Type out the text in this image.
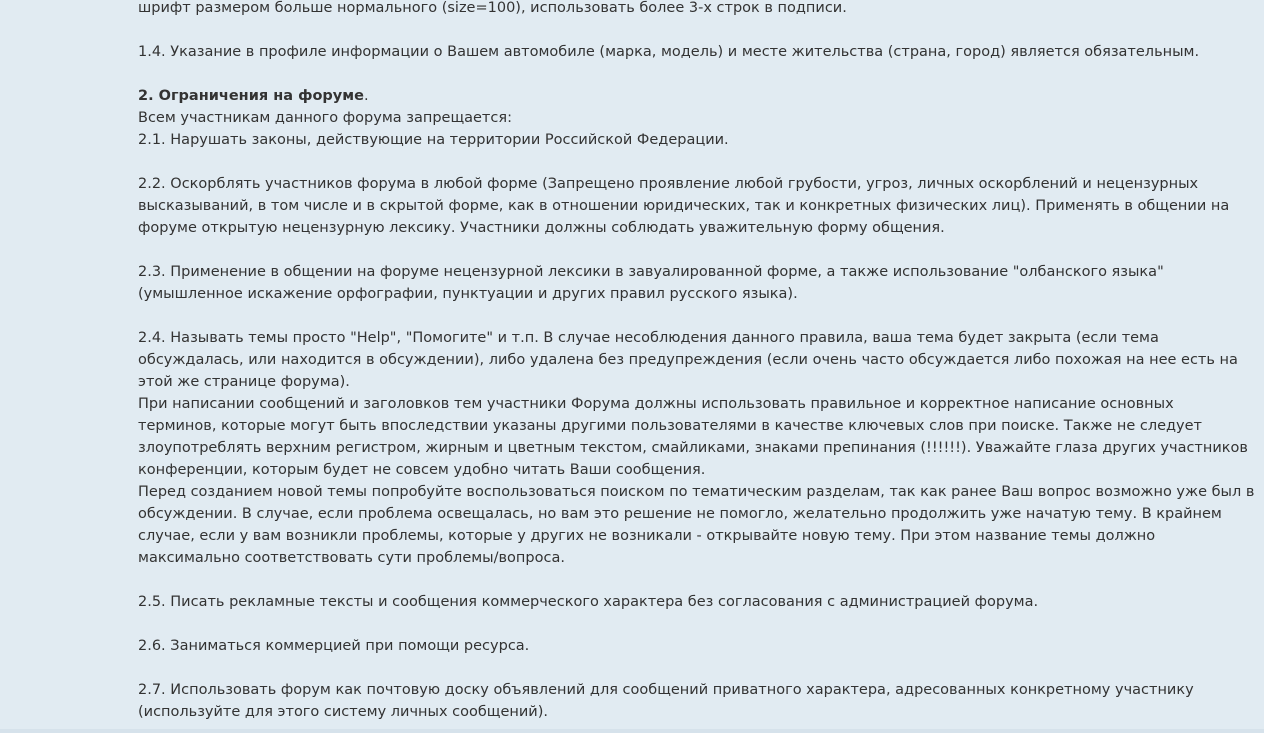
шрифт размером больше нормального (size=100), использовать более 3-х строк в подписи.

1.4. Указание в профиле информации о Вашем автомобиле (марка, модель) и месте жительства (страна, город) является обязательным.

2. Ограничения на форуме.

Всем участникам данного форума запрещается:

2.1. Нарушать законы, действующие на территории Российской Федерации.

2.2. Оскорблять участников форума в любой форме (Запрещено проявление любой грубости, угроз, личных оскорблений и нецензурных высказываний, в том числе и в скрытой форме, как в отношении юридических, так и конкретных физических лиц). Применять в общении на форуме открытую нецензурную лексику. Участники должны соблюдать уважительную форму общения.

2.3. Применение в общении на форуме нецензурной лексики в завуалированной форме, а также использование "олбанского языка" (умышленное искажение орфографии, пунктуации и других правил русского языка).

2.4. Называть темы просто "Help", "Помогите" и т.п. В случае несоблюдения данного правила, ваша тема будет закрыта (если тема обсуждалась, или находится в обсуждении), либо удалена без предупреждения (если очень часто обсуждается либо похожая на нее есть на этой же странице форума).

При написании сообщений и заголовков тем участники Форума должны использовать правильное и корректное написание основных терминов, которые могут быть впоследствии указаны другими пользователями в качестве ключевых слов при поиске. Также не следует злоупотреблять верхним регистром, жирным и цветным текстом, смайликами, знаками препинания (!!!!!!). Уважайте глаза других участников конференции, которым будет не совсем удобно читать Ваши сообщения.

Перед созданием новой темы попробуйте воспользоваться поиском по тематическим разделам, так как ранее Ваш вопрос возможно уже был в обсуждении. В случае, если проблема освещалась, но вам это решение не помогло, желательно продолжить уже начатую тему. В крайнем случае, если у вам возникли проблемы, которые у других не возникали - открывайте новую тему. При этом название темы должно максимально соответствовать сути проблемы/вопроса.

2.5. Писать рекламные тексты и сообщения коммерческого характера без согласования с администрацией форума.

2.6. Заниматься коммерцией при помощи ресурса.

2.7. Использовать форум как почтовую доску объявлений для сообщений приватного характера, адресованных конкретному участнику (используйте для этого систему личных сообщений).
